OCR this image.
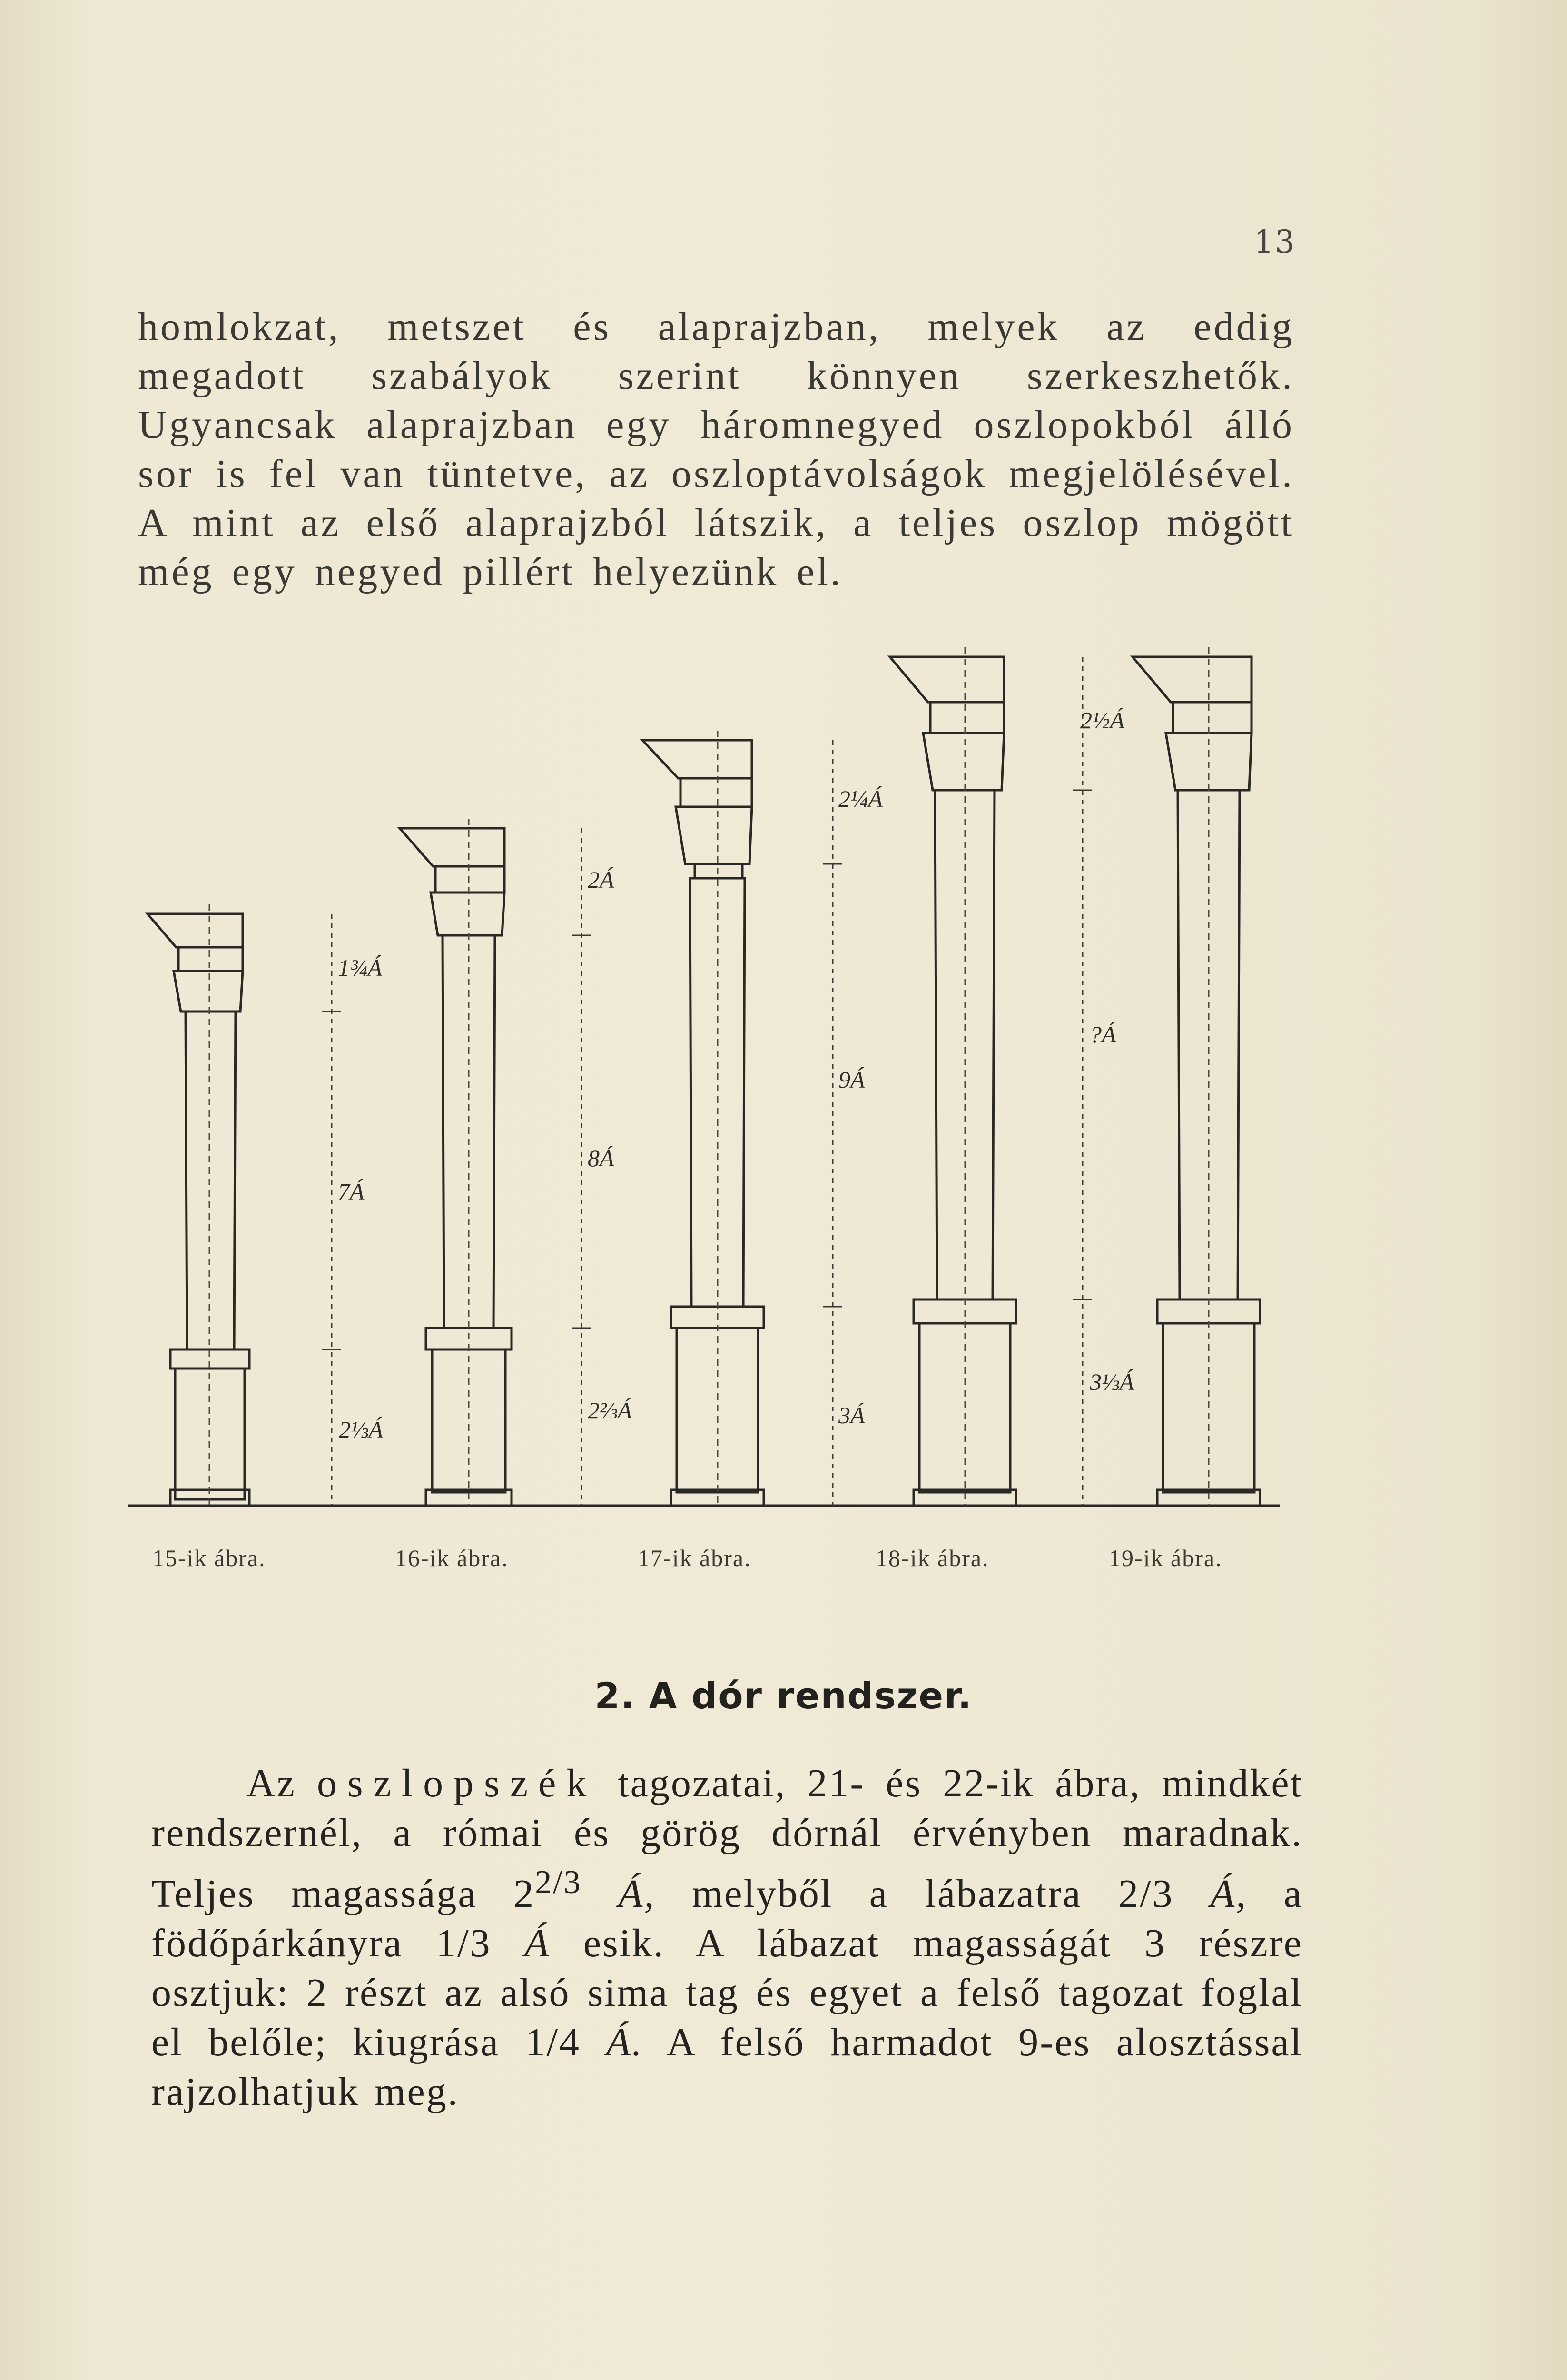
13

homlokzat, metszet és alaprajzban, melyek az eddig megadott szabályok szerint könnyen szerkeszhetők. Ugyancsak alaprajzban egy háromnegyed oszlopokból álló sor is fel van tüntetve, az oszloptávolságok megjelölésével. A mint az első alaprajzból látszik, a teljes oszlop mögött még egy negyed pillért helyezünk el.

1¾Á
7Á
2⅓Á
2Á
8Á
2⅔Á
2¼Á
9Á
3Á
2½Á
?Á
3⅓Á
15-ik ábra.	16-ik ábra.	17-ik ábra.	18-ik ábra.	19-ik ábra.
2. A dór rendszer.

Az oszlopszék tagozatai, 21- és 22-ik ábra, mindkét rendszernél, a római és görög dórnál érvényben maradnak. Teljes magassága $2^{2/3}$ Á, melyből a lábazatra 2/3 Á, a födőpárkányra 1/3 Á esik. A lábazat magasságát 3 részre osztjuk: 2 részt az alsó sima tag és egyet a felső tagozat foglal el belőle; kiugrása 1/4 Á. A felső harmadot 9-es alosztással rajzolhatjuk meg.
